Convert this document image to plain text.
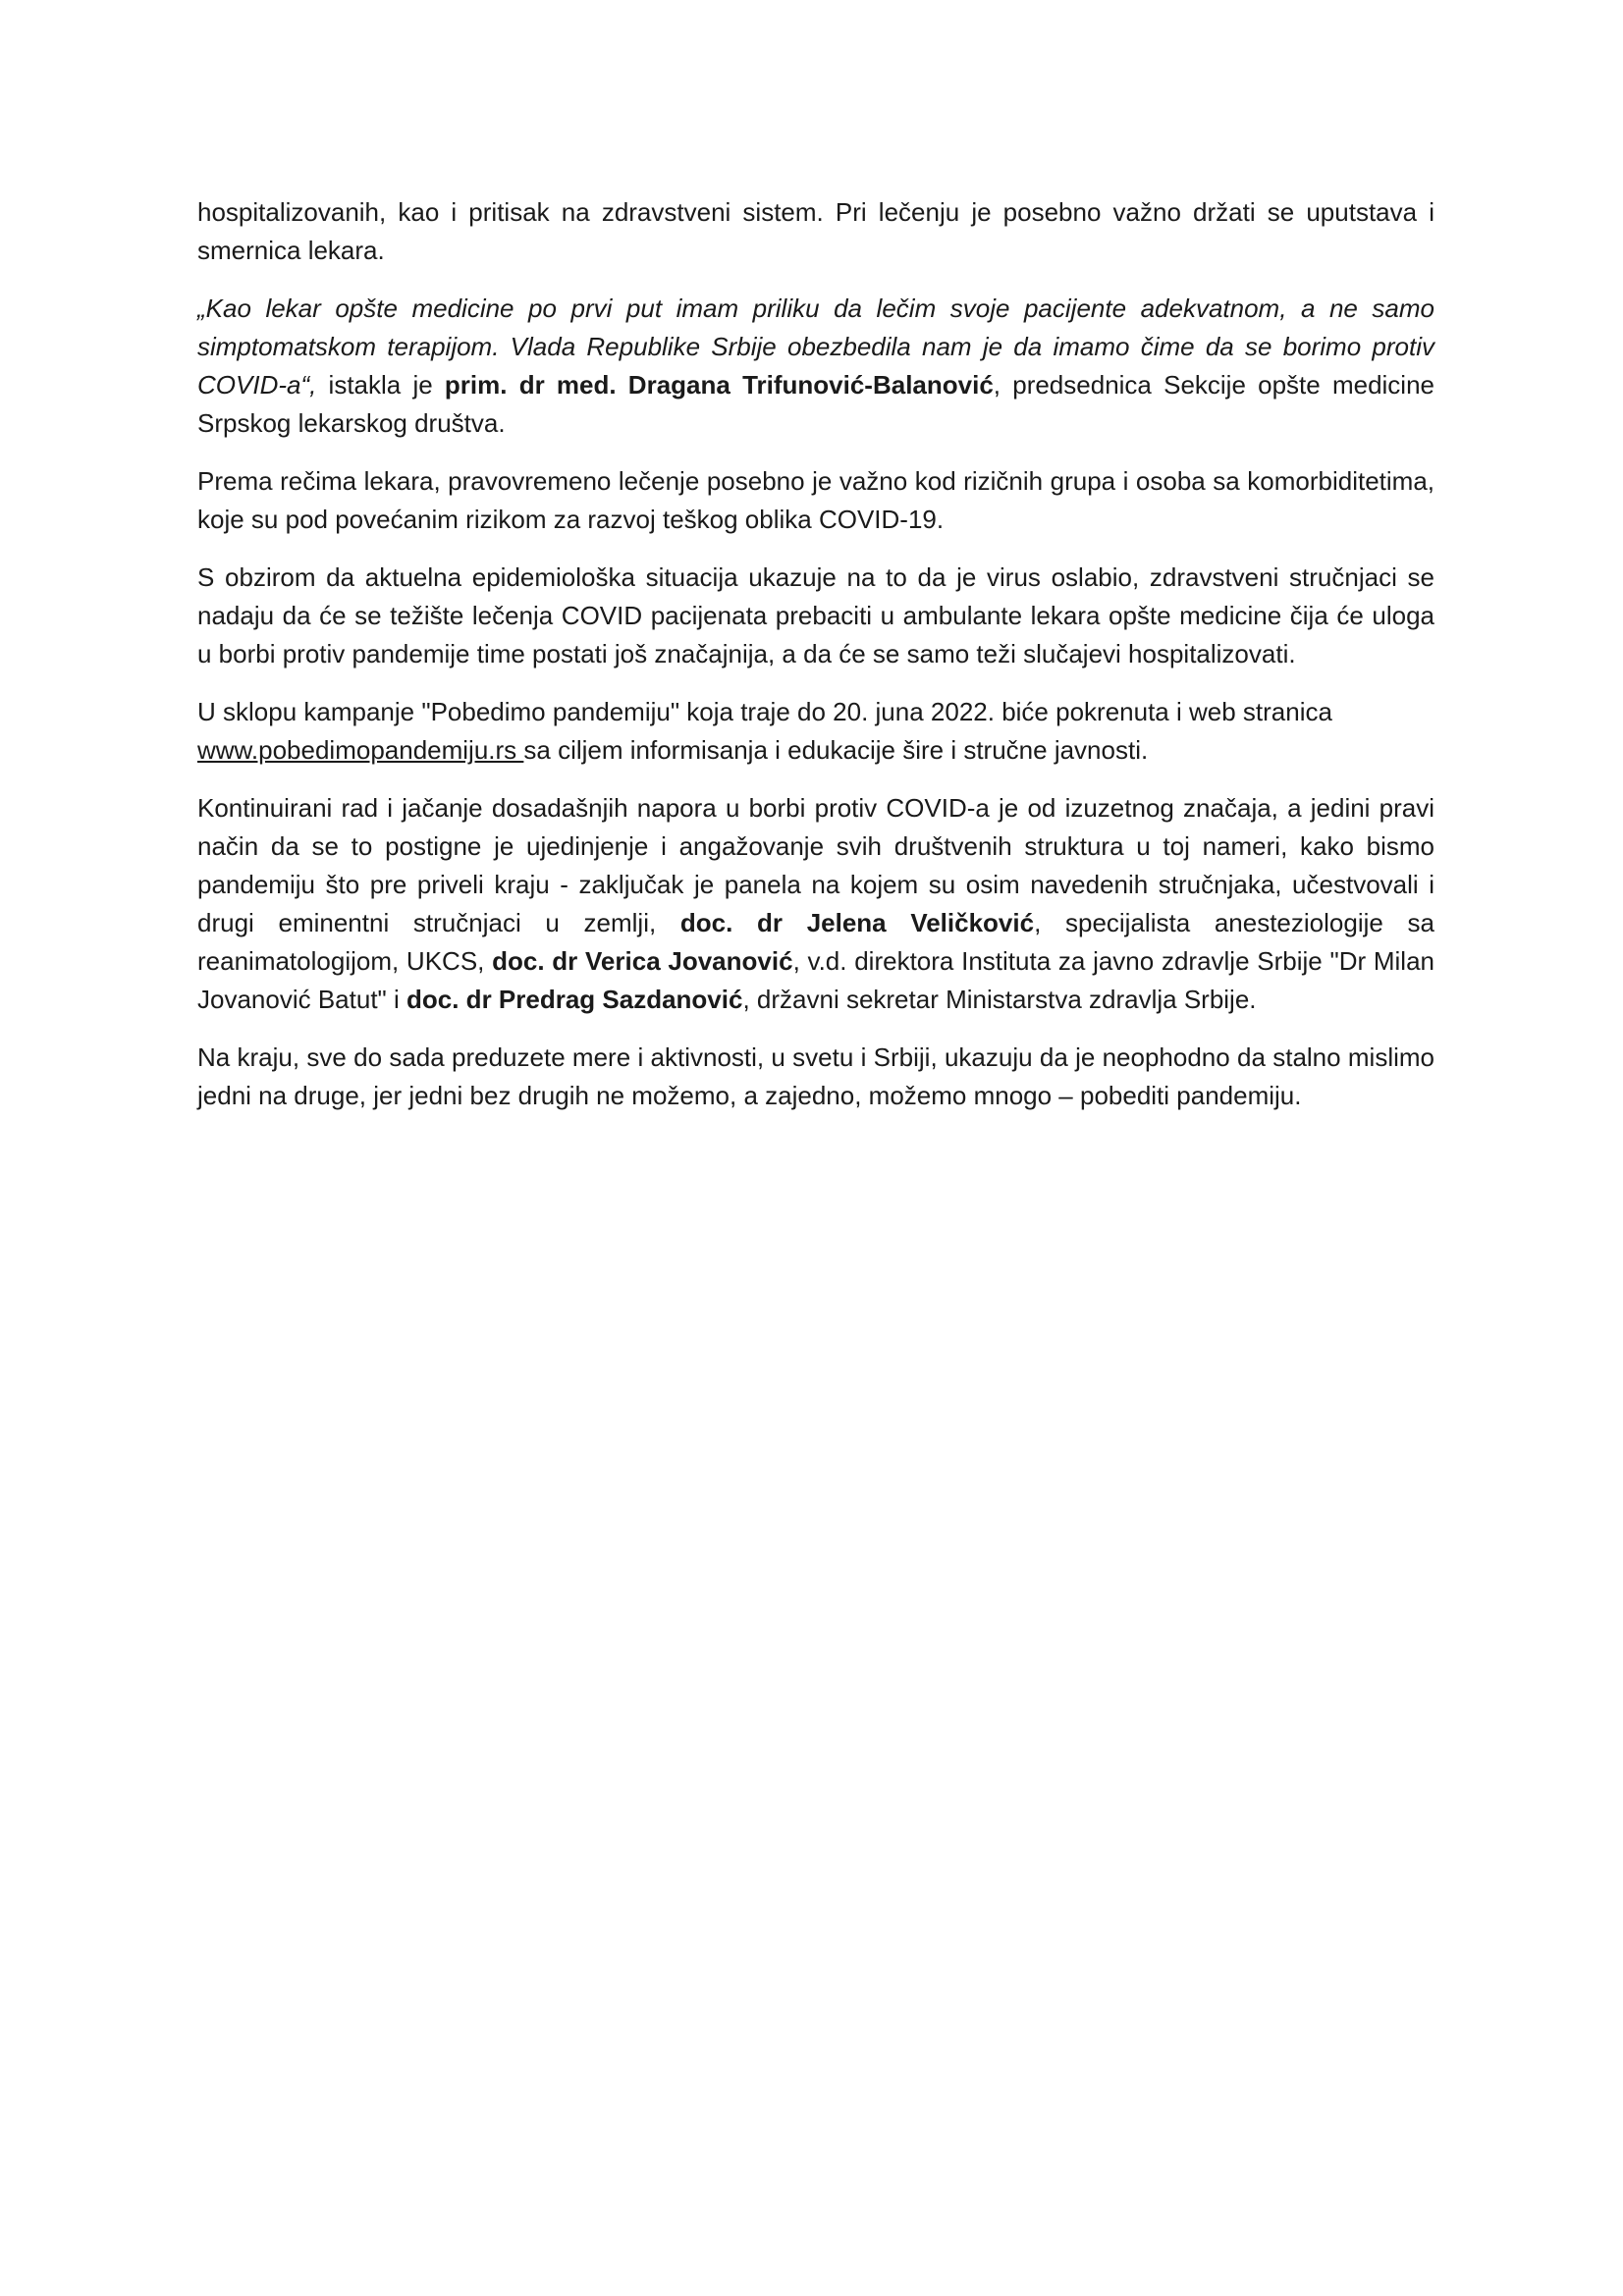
hospitalizovanih, kao i pritisak na zdravstveni sistem. Pri lečenju je posebno važno držati se uputstava i smernica lekara.

„Kao lekar opšte medicine po prvi put imam priliku da lečim svoje pacijente adekvatnom, a ne samo simptomatskom terapijom. Vlada Republike Srbije obezbedila nam je da imamo čime da se borimo protiv COVID-a“, istakla je prim. dr med. Dragana Trifunović-Balanović, predsednica Sekcije opšte medicine Srpskog lekarskog društva.

Prema rečima lekara, pravovremeno lečenje posebno je važno kod rizičnih grupa i osoba sa komorbiditetima, koje su pod povećanim rizikom za razvoj teškog oblika COVID-19.

S obzirom da aktuelna epidemiološka situacija ukazuje na to da je virus oslabio, zdravstveni stručnjaci se nadaju da će se težište lečenja COVID pacijenata prebaciti u ambulante lekara opšte medicine čija će uloga u borbi protiv pandemije time postati još značajnija, a da će se samo teži slučajevi hospitalizovati.

U sklopu kampanje "Pobedimo pandemiju" koja traje do 20. juna 2022. biće pokrenuta i web stranica www.pobedimopandemiju.rs sa ciljem informisanja i edukacije šire i stručne javnosti.

Kontinuirani rad i jačanje dosadašnjih napora u borbi protiv COVID-a je od izuzetnog značaja, a jedini pravi način da se to postigne je ujedinjenje i angažovanje svih društvenih struktura u toj nameri, kako bismo pandemiju što pre priveli kraju - zaključak je panela na kojem su osim navedenih stručnjaka, učestvovali i drugi eminentni stručnjaci u zemlji, doc. dr Jelena Veličković, specijalista anesteziologije sa reanimatologijom, UKCS, doc. dr Verica Jovanović, v.d. direktora Instituta za javno zdravlje Srbije "Dr Milan Jovanović Batut" i doc. dr Predrag Sazdanović, državni sekretar Ministarstva zdravlja Srbije.

Na kraju, sve do sada preduzete mere i aktivnosti, u svetu i Srbiji, ukazuju da je neophodno da stalno mislimo jedni na druge, jer jedni bez drugih ne možemo, a zajedno, možemo mnogo – pobediti pandemiju.
